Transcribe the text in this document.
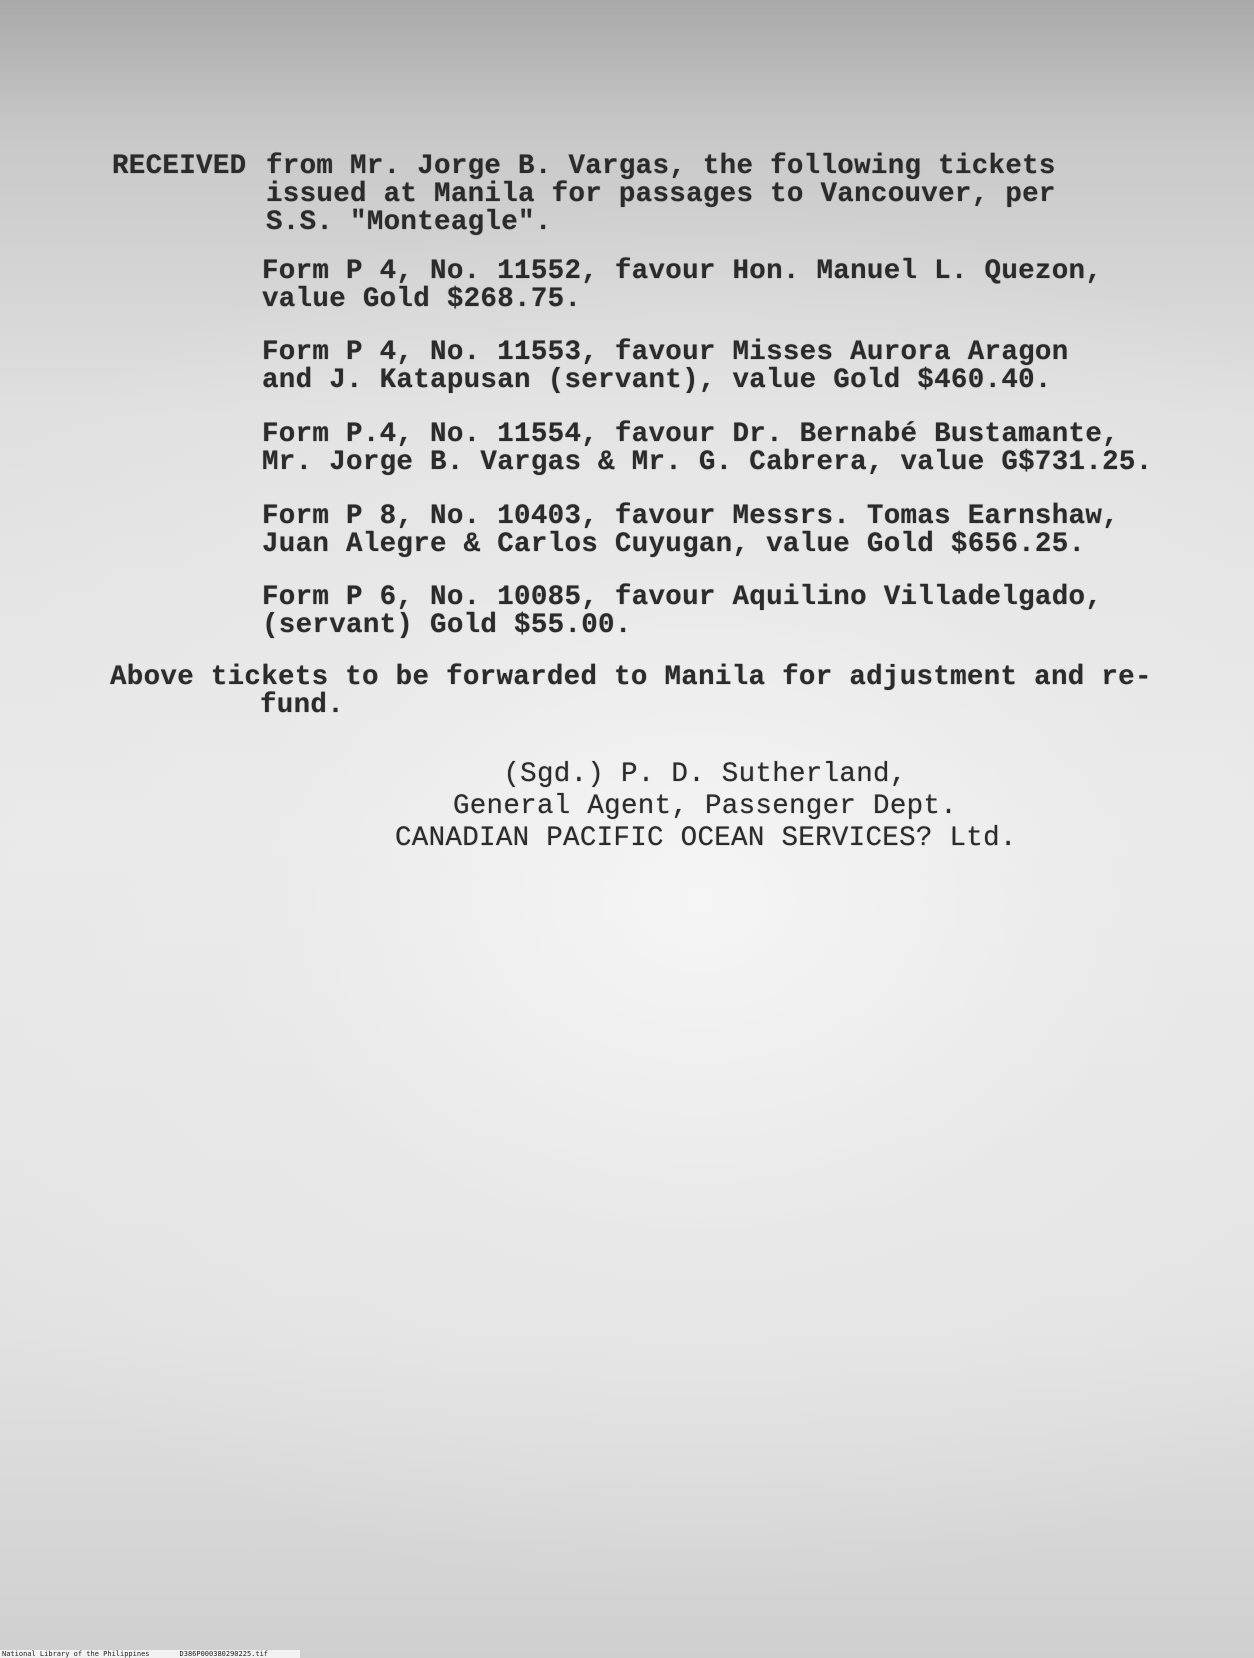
RECEIVED from Mr. Jorge B. Vargas, the following tickets
issued at Manila for passages to Vancouver, per
S.S. "Monteagle".
Form P 4, No. 11552, favour Hon. Manuel L. Quezon,
value Gold $268.75.
Form P 4, No. 11553, favour Misses Aurora Aragon
and J. Katapusan (servant), value Gold $460.40.
Form P.4, No. 11554, favour Dr. Bernabé Bustamante,
Mr. Jorge B. Vargas & Mr. G. Cabrera, value G$731.25.
Form P 8, No. 10403, favour Messrs. Tomas Earnshaw,
Juan Alegre & Carlos Cuyugan, value Gold $656.25.
Form P 6, No. 10085, favour Aquilino Villadelgado,
(servant) Gold $55.00.
Above tickets to be forwarded to Manila for adjustment and re-
fund.
(Sgd.) P. D. Sutherland,
General Agent, Passenger Dept.
CANADIAN PACIFIC OCEAN SERVICES? Ltd.
National Library of the Philippines	D386P000380290225.tif
